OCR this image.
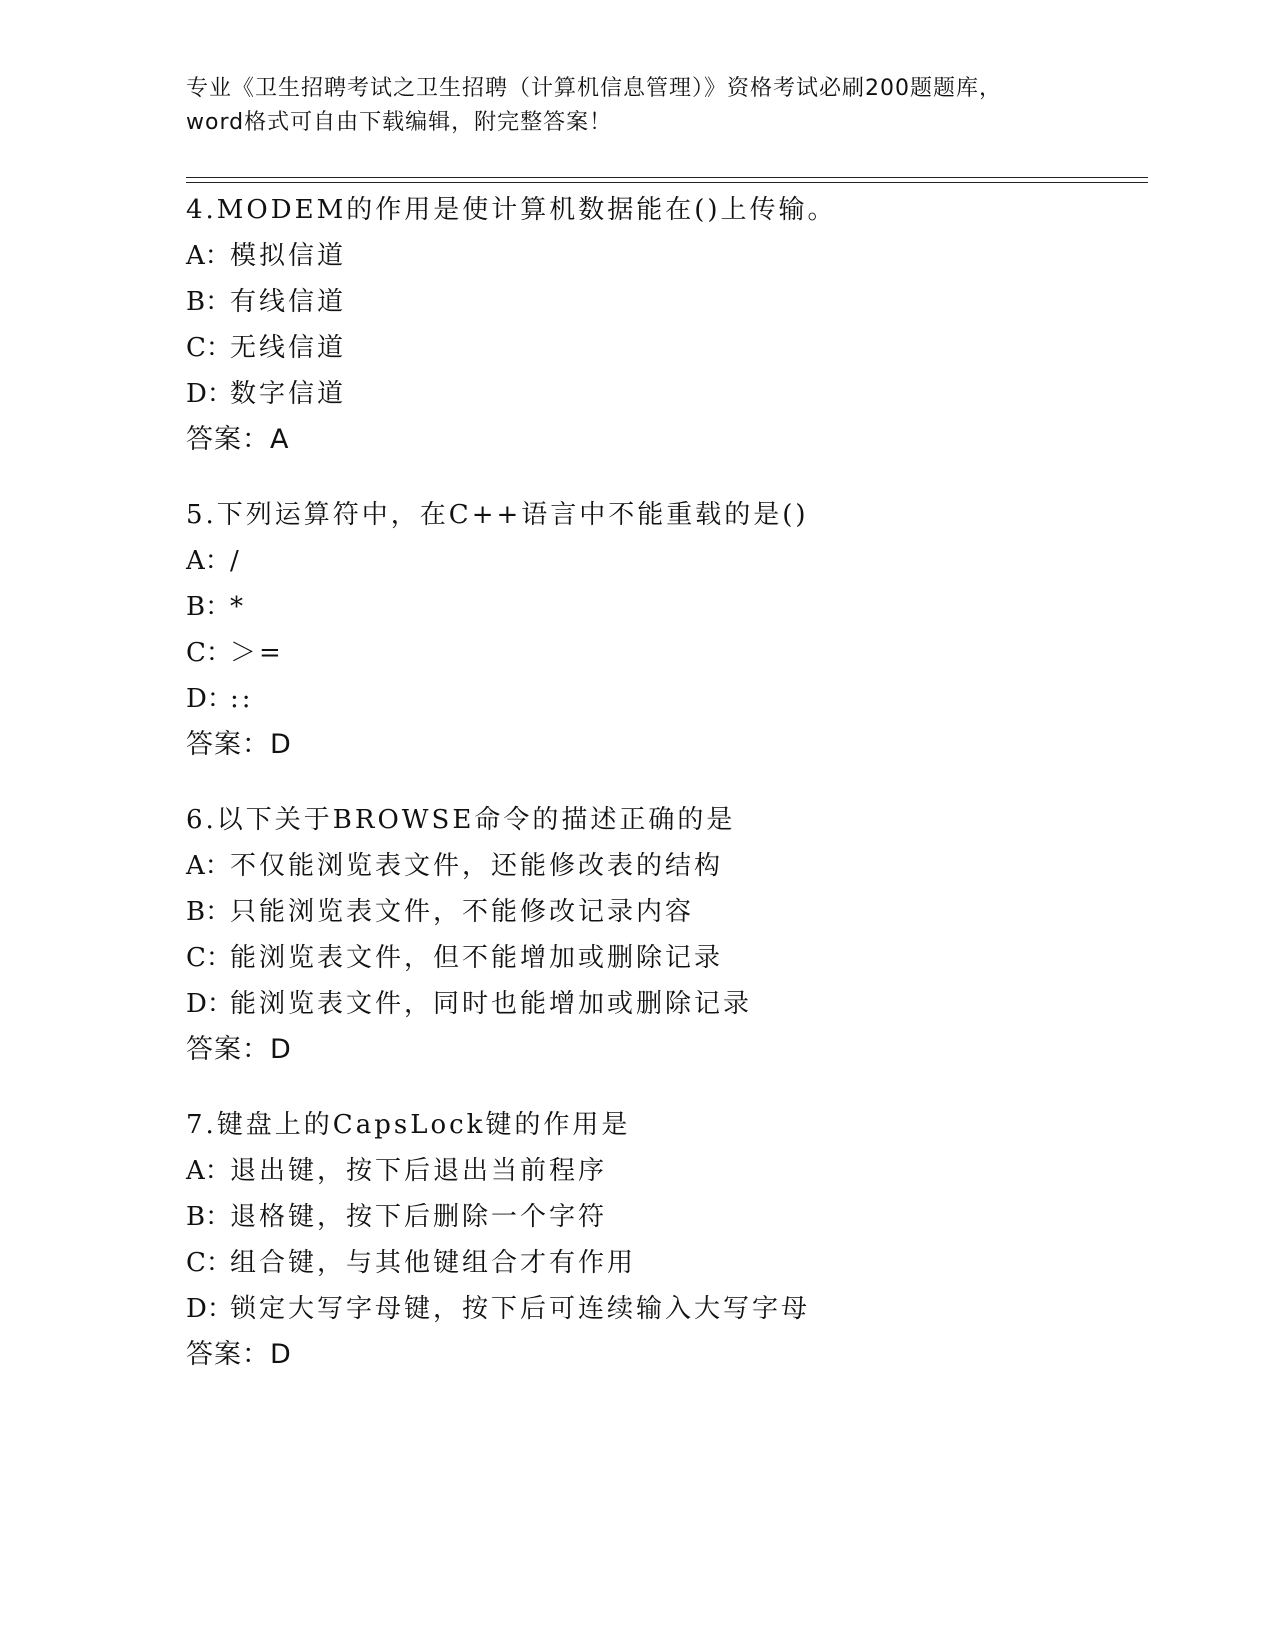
专业《卫生招聘考试之卫生招聘（计算机信息管理）》资格考试必刷200题题库，
word格式可自由下载编辑，附完整答案！
4.MODEM的作用是使计算机数据能在()上传输。
A：模拟信道
B：有线信道
C：无线信道
D：数字信道
答案：A
5.下列运算符中，在C++语言中不能重载的是()
A：/
B：*
C：＞=
D：::
答案：D
6.以下关于BROWSE命令的描述正确的是
A：不仅能浏览表文件，还能修改表的结构
B：只能浏览表文件，不能修改记录内容
C：能浏览表文件，但不能增加或删除记录
D：能浏览表文件，同时也能增加或删除记录
答案：D
7.键盘上的CapsLock键的作用是
A：退出键，按下后退出当前程序
B：退格键，按下后删除一个字符
C：组合键，与其他键组合才有作用
D：锁定大写字母键，按下后可连续输入大写字母
答案：D
